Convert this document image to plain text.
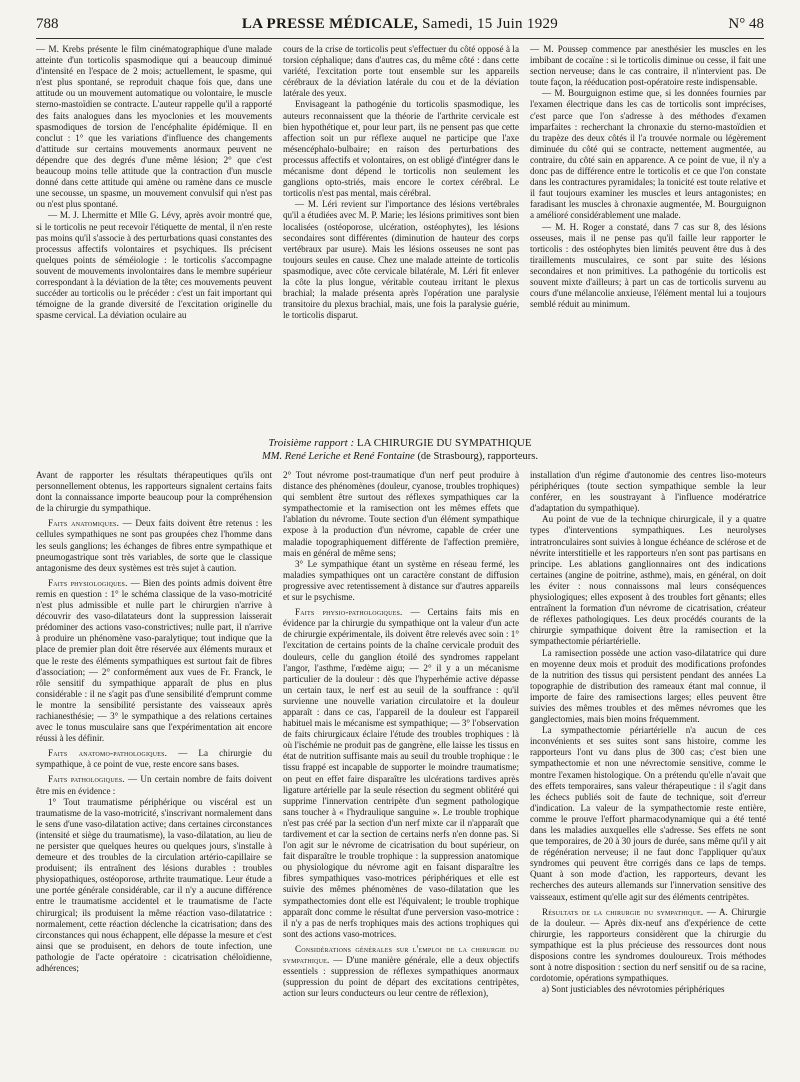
788	LA PRESSE MÉDICALE, Samedi, 15 Juin 1929	N° 48

— M. Krebs présente le film cinématographique d'une malade atteinte d'un torticolis spasmodique qui a beaucoup diminué d'intensité en l'espace de 2 mois; actuellement, le spasme, qui n'est plus spontané, se reproduit chaque fois que, dans une attitude ou un mouvement automatique ou volontaire, le muscle sterno-mastoïdien se contracte. L'auteur rappelle qu'il a rapporté des faits analogues dans les myoclonies et les mouvements spasmodiques de torsion de l'encéphalite épidémique. Il en conclut : 1° que les variations d'influence des changements d'attitude sur certains mouvements anormaux peuvent ne dépendre que des degrés d'une même lésion; 2° que c'est beaucoup moins telle attitude que la contraction d'un muscle donné dans cette attitude qui amène ou ramène dans ce muscle une secousse, un spasme, un mouvement convulsif qui n'est pas ou n'est plus spontané.

— M. J. Lhermitte et Mlle G. Lévy, après avoir montré que, si le torticolis ne peut recevoir l'étiquette de mental, il n'en reste pas moins qu'il s'associe à des perturbations quasi constantes des processus affectifs volontaires et psychiques. Ils précisent quelques points de séméiologie : le torticolis s'accompagne souvent de mouvements involontaires dans le membre supérieur correspondant à la déviation de la tête; ces mouvements peuvent succéder au torticolis ou le précéder : c'est un fait important qui témoigne de la grande diversité de l'excitation originelle du spasme cervical. La déviation oculaire au

cours de la crise de torticolis peut s'effectuer du côté opposé à la torsion céphalique; dans d'autres cas, du même côté : dans cette variété, l'excitation porte tout ensemble sur les appareils cérébraux de la déviation latérale du cou et de la déviation latérale des yeux.

Envisageant la pathogénie du torticolis spasmodique, les auteurs reconnaissent que la théorie de l'arthrite cervicale est bien hypothétique et, pour leur part, ils ne pensent pas que cette affection soit un pur réflexe auquel ne participe que l'axe mésencéphalo-bulbaire; en raison des perturbations des processus affectifs et volontaires, on est obligé d'intégrer dans le mécanisme dont dépend le torticolis non seulement les ganglions opto-striés, mais encore le cortex cérébral. Le torticolis n'est pas mental, mais cérébral.

— M. Léri revient sur l'importance des lésions vertébrales qu'il a étudiées avec M. P. Marie; les lésions primitives sont bien localisées (ostéoporose, ulcération, ostéophytes), les lésions secondaires sont différentes (diminution de hauteur des corps vertébraux par usure). Mais les lésions osseuses ne sont pas toujours seules en cause. Chez une malade atteinte de torticolis spasmodique, avec côte cervicale bilatérale, M. Léri fit enlever la côte la plus longue, véritable couteau irritant le plexus brachial; la malade présenta après l'opération une paralysie transitoire du plexus brachial, mais, une fois la paralysie guérie, le torticolis disparut.

— M. Poussep commence par anesthésier les muscles en les imbibant de cocaïne : si le torticolis diminue ou cesse, il fait une section nerveuse; dans le cas contraire, il n'intervient pas. De toute façon, la rééducation post-opératoire reste indispensable.

— M. Bourguignon estime que, si les données fournies par l'examen électrique dans les cas de torticolis sont imprécises, c'est parce que l'on s'adresse à des méthodes d'examen imparfaites : recherchant la chronaxie du sterno-mastoïdien et du trapèze des deux côtés il l'a trouvée normale ou légèrement diminuée du côté qui se contracte, nettement augmentée, au contraire, du côté sain en apparence. A ce point de vue, il n'y a donc pas de différence entre le torticolis et ce que l'on constate dans les contractures pyramidales; la tonicité est toute relative et il faut toujours examiner les muscles et leurs antagonistes; en faradisant les muscles à chronaxie augmentée, M. Bourguignon a amélioré considérablement une malade.

— M. H. Roger a constaté, dans 7 cas sur 8, des lésions osseuses, mais il ne pense pas qu'il faille leur rapporter le torticolis : des ostéophytes bien limités peuvent être dus à des tiraillements musculaires, ce sont par suite des lésions secondaires et non primitives. La pathogénie du torticolis est souvent mixte d'ailleurs; à part un cas de torticolis survenu au cours d'une mélancolie anxieuse, l'élément mental lui a toujours semblé réduit au minimum.

Troisième rapport : LA CHIRURGIE DU SYMPATHIQUE
MM. René Leriche et René Fontaine (de Strasbourg), rapporteurs.

Avant de rapporter les résultats thérapeutiques qu'ils ont personnellement obtenus, les rapporteurs signalent certains faits dont la connaissance importe beaucoup pour la compréhension de la chirurgie du sympathique.

Faits anatomiques. — Deux faits doivent être retenus : les cellules sympathiques ne sont pas groupées chez l'homme dans les seuls ganglions; les échanges de fibres entre sympathique et pneumogastrique sont très variables, de sorte que le classique antagonisme des deux systèmes est très sujet à caution.

Faits physiologiques. — Bien des points admis doivent être remis en question : 1° le schéma classique de la vaso-motricité n'est plus admissible et nulle part le chirurgien n'arrive à découvrir des vaso-dilatateurs dont la suppression laisserait prédominer des actions vaso-constrictives; nulle part, il n'arrive à produire un phénomène vaso-paralytique; tout indique que la place de premier plan doit être réservée aux éléments muraux et que le reste des éléments sympathiques est surtout fait de fibres d'association; — 2° conformément aux vues de Fr. Franck, le rôle sensitif du sympathique apparaît de plus en plus considérable : il ne s'agit pas d'une sensibilité d'emprunt comme le montre la sensibilité persistante des vaisseaux après rachianesthésie; — 3° le sympathique a des relations certaines avec le tonus musculaire sans que l'expérimentation ait encore réussi à les définir.

Faits anatomo-pathologiques. — La chirurgie du sympathique, à ce point de vue, reste encore sans bases.

Faits pathologiques. — Un certain nombre de faits doivent être mis en évidence :

1° Tout traumatisme périphérique ou viscéral est un traumatisme de la vaso-motricité, s'inscrivant normalement dans le sens d'une vaso-dilatation active; dans certaines circonstances (intensité et siège du traumatisme), la vaso-dilatation, au lieu de ne persister que quelques heures ou quelques jours, s'installe à demeure et des troubles de la circulation artério-capillaire se produisent; ils entraînent des lésions durables : troubles physiopathiques, ostéoporose, arthrite traumatique. Leur étude a une portée générale considérable, car il n'y a aucune différence entre le traumatisme accidentel et le traumatisme de l'acte chirurgical; ils produisent la même réaction vaso-dilatatrice : normalement, cette réaction déclenche la cicatrisation; dans des circonstances qui nous échappent, elle dépasse la mesure et c'est ainsi que se produisent, en dehors de toute infection, une pathologie de l'acte opératoire : cicatrisation chéloïdienne, adhérences;

2° Tout névrome post-traumatique d'un nerf peut produire à distance des phénomènes (douleur, cyanose, troubles trophiques) qui semblent être surtout des réflexes sympathiques car la sympathectomie et la ramisection ont les mêmes effets que l'ablation du névrome. Toute section d'un élément sympathique expose à la production d'un névrome, capable de créer une maladie topographiquement différente de l'affection première, mais en général de même sens;

3° Le sympathique étant un système en réseau fermé, les maladies sympathiques ont un caractère constant de diffusion progressive avec retentissement à distance sur d'autres appareils et sur le psychisme.

Faits physio-pathologiques. — Certains faits mis en évidence par la chirurgie du sympathique ont la valeur d'un acte de chirurgie expérimentale, ils doivent être relevés avec soin : 1° l'excitation de certains points de la chaîne cervicale produit des douleurs, celle du ganglion étoilé des syndromes rappelant l'angor, l'asthme, l'œdème aigu; — 2° il y a un mécanisme particulier de la douleur : dès que l'hyperhémie active dépasse un certain taux, le nerf est au seuil de la souffrance : qu'il survienne une nouvelle variation circulatoire et la douleur apparaît : dans ce cas, l'appareil de la douleur est l'appareil habituel mais le mécanisme est sympathique; — 3° l'observation de faits chirurgicaux éclaire l'étude des troubles trophiques : là où l'ischémie ne produit pas de gangrène, elle laisse les tissus en état de nutrition suffisante mais au seuil du trouble trophique : le tissu frappé est incapable de supporter le moindre traumatisme; on peut en effet faire disparaître les ulcérations tardives après ligature artérielle par la seule résection du segment oblitéré qui supprime l'innervation centripète d'un segment pathologique sans toucher à « l'hydraulique sanguine ». Le trouble trophique n'est pas créé par la section d'un nerf mixte car il n'apparaît que tardivement et car la section de certains nerfs n'en donne pas. Si l'on agit sur le névrome de cicatrisation du bout supérieur, on fait disparaître le trouble trophique : la suppression anatomique ou physiologique du névrome agit en faisant disparaître les fibres sympathiques vaso-motrices périphériques et elle est suivie des mêmes phénomènes de vaso-dilatation que les sympathectomies dont elle est l'équivalent; le trouble trophique apparaît donc comme le résultat d'une perversion vaso-motrice : il n'y a pas de nerfs trophiques mais des actions trophiques qui sont des actions vaso-motrices.

Considérations générales sur l'emploi de la chirurgie du sympathique. — D'une manière générale, elle a deux objectifs essentiels : suppression de réflexes sympathiques anormaux (suppression du point de départ des excitations centripètes, action sur leurs conducteurs ou leur centre de réflexion),

installation d'un régime d'autonomie des centres liso-moteurs périphériques (toute section sympathique semble la leur conférer, en les soustrayant à l'influence modératrice d'adaptation du sympathique).

Au point de vue de la technique chirurgicale, il y a quatre types d'interventions sympathiques. Les neurolyses intratronculaires sont suivies à longue échéance de sclérose et de névrite interstitielle et les rapporteurs n'en sont pas partisans en principe. Les ablations ganglionnaires ont des indications certaines (angine de poitrine, asthme), mais, en général, on doit les éviter : nous connaissons mal leurs conséquences physiologiques; elles exposent à des troubles fort gênants; elles entraînent la formation d'un névrome de cicatrisation, créateur de réflexes pathologiques. Les deux procédés courants de la chirurgie sympathique doivent être la ramisection et la sympathectomie périartérielle.

La ramisection possède une action vaso-dilatatrice qui dure en moyenne deux mois et produit des modifications profondes de la nutrition des tissus qui persistent pendant des années La topographie de distribution des rameaux étant mal connue, il importe de faire des ramisections larges; elles peuvent être suivies des mêmes troubles et des mêmes névromes que les ganglectomies, mais bien moins fréquemment.

La sympathectomie périartérielle n'a aucun de ces inconvénients et ses suites sont sans histoire, comme les rapporteurs l'ont vu dans plus de 300 cas; c'est bien une sympathectomie et non une névrectomie sensitive, comme le montre l'examen histologique. On a prétendu qu'elle n'avait que des effets temporaires, sans valeur thérapeutique : il s'agit dans les échecs publiés soit de faute de technique, soit d'erreur d'indication. La valeur de la sympathectomie reste entière, comme le prouve l'effort pharmacodynamique qui a été tenté dans les maladies auxquelles elle s'adresse. Ses effets ne sont que temporaires, de 20 à 30 jours de durée, sans même qu'il y ait de régénération nerveuse; il ne faut donc l'appliquer qu'aux syndromes qui peuvent être corrigés dans ce laps de temps. Quant à son mode d'action, les rapporteurs, devant les recherches des auteurs allemands sur l'innervation sensitive des vaisseaux, estiment qu'elle agit sur des éléments centripètes.

Résultats de la chirurgie du sympathique. — A. Chirurgie de la douleur. — Après dix-neuf ans d'expérience de cette chirurgie, les rapporteurs considèrent que la chirurgie du sympathique est la plus précieuse des ressources dont nous disposions contre les syndromes douloureux. Trois méthodes sont à notre disposition : section du nerf sensitif ou de sa racine, cordotomie, opérations sympathiques.

a) Sont justiciables des névrotomies périphériques
